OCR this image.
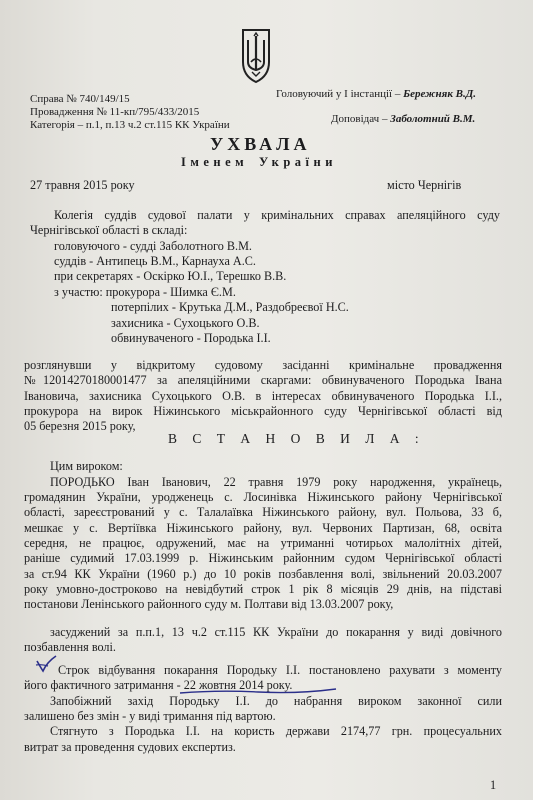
Справа № 740/149/15
Провадження № 11-кп/795/433/2015
Категорія – п.1, п.13 ч.2 ст.115 КК України
Головуючий у I інстанції – Бережняк В.Д.
Доповідач – Заболотний В.М.
УХВАЛА
Іменем України
27 травня 2015 року	місто Чернігів
Колегія суддів судової палати у кримінальних справах апеляційного суду
Чернігівської області в складі:
головуючого - судді Заболотного В.М.
суддів - Антипець В.М., Карнауха А.С.
при секретарях - Оскірко Ю.І., Терешко В.В.
з участю: прокурора - Шимка Є.М.
потерпілих - Крутька Д.М., Раздобреєвої Н.С.
захисника - Сухоцького О.В.
обвинуваченого - Породька І.І.
розглянувши у відкритому судовому засіданні кримінальне провадження
№12014270180001477 за апеляційними скаргами: обвинуваченого Породька Івана
Івановича, захисника Сухоцького О.В. в інтересах обвинуваченого Породька І.І.,
прокурора на вирок Ніжинського міськрайонного суду Чернігівської області від
05 березня 2015 року,
В С Т А Н О В И Л А :
Цим вироком:
ПОРОДЬКО Іван Іванович, 22 травня 1979 року народження, українець,
громадянин України, уродженець с. Лосинівка Ніжинського району Чернігівської
області, зареєстрований у с. Талалаївка Ніжинського району, вул. Польова, 33 б,
мешкає у с. Вертіївка Ніжинського району, вул. Червоних Партизан, 68, освіта
середня, не працює, одружений, має на утриманні чотирьох малолітніх дітей,
раніше судимий 17.03.1999 р. Ніжинським районним судом Чернігівської області
за ст.94 КК України (1960 р.) до 10 років позбавлення волі, звільнений 20.03.2007
року умовно-достроково на невідбутий строк 1 рік 8 місяців 29 днів, на підставі
постанови Ленінського районного суду м. Полтави від 13.03.2007 року,
засуджений за п.п.1, 13 ч.2 ст.115 КК України до покарання у виді довічного
позбавлення волі.
Строк відбування покарання Породьку І.І. постановлено рахувати з моменту
його фактичного затримання - 22 жовтня 2014 року.
Запобіжний захід Породьку І.І. до набрання вироком законної сили
залишено без змін - у виді тримання під вартою.
Стягнуто з Породька І.І. на користь держави 2174,77 грн. процесуальних
витрат за проведення судових експертиз.
1
